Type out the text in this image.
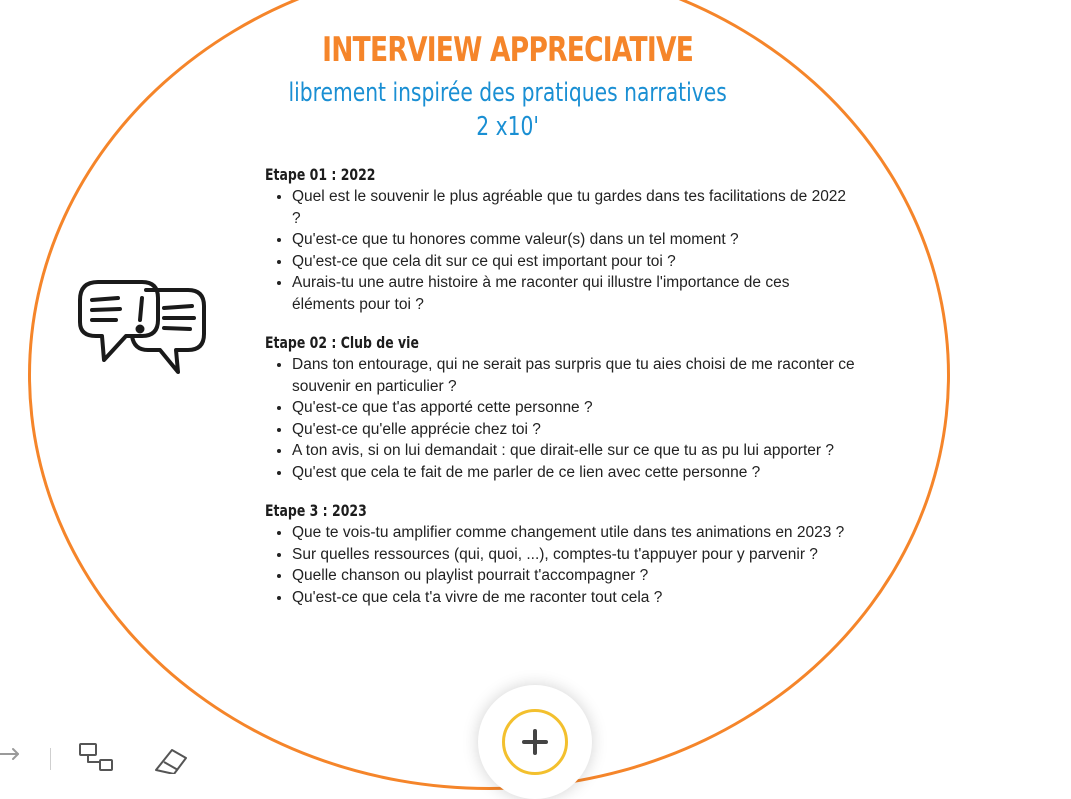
INTERVIEW APPRECIATIVE
librement inspirée des pratiques narratives
2 x10'
Etape 01 : 2022
• Quel est le souvenir le plus agréable que tu gardes dans tes facilitations de 2022 ?
• Qu'est-ce que tu honores comme valeur(s) dans un tel moment ?
• Qu'est-ce que cela dit sur ce qui est important pour toi ?
• Aurais-tu une autre histoire à me raconter qui illustre l'importance de ces éléments pour toi ?
Etape 02 : Club de vie
• Dans ton entourage, qui ne serait pas surpris que tu aies choisi de me raconter ce souvenir en particulier ?
• Qu'est-ce que t'as apporté cette personne ?
• Qu'est-ce qu'elle apprécie chez toi ?
• A ton avis, si on lui demandait : que dirait-elle sur ce que tu as pu lui apporter ?
• Qu'est que cela te fait de me parler de ce lien avec cette personne ?
Etape 3 : 2023
• Que te vois-tu amplifier comme changement utile dans tes animations en 2023 ?
• Sur quelles ressources (qui, quoi, ...), comptes-tu t'appuyer pour y parvenir ?
• Quelle chanson ou playlist pourrait t'accompagner ?
• Qu'est-ce que cela t'a vivre de me raconter tout cela ?
